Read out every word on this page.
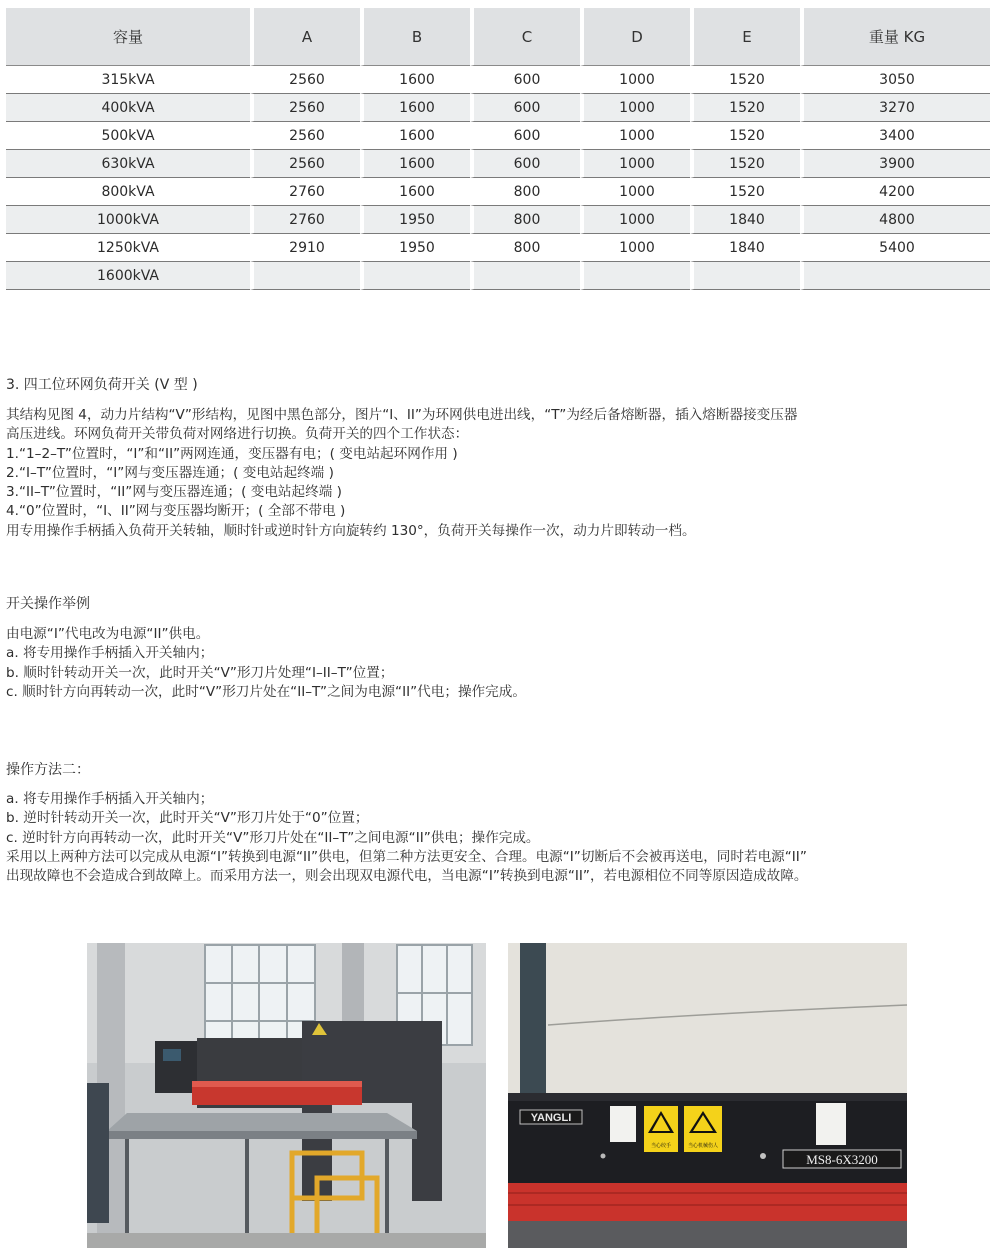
容量	A	B	C	D	E	重量 KG
315kVA	2560	1600	600	1000	1520	3050
400kVA	2560	1600	600	1000	1520	3270
500kVA	2560	1600	600	1000	1520	3400
630kVA	2560	1600	600	1000	1520	3900
800kVA	2760	1600	800	1000	1520	4200
1000kVA	2760	1950	800	1000	1840	4800
1250kVA	2910	1950	800	1000	1840	5400
1600kVA						
3. 四工位环网负荷开关 (V 型 )
其结构见图 4，动力片结构“V”形结构，见图中黑色部分，图片“I、II”为环网供电进出线，“T”为经后备熔断器，插入熔断器接变压器
高压进线。环网负荷开关带负荷对网络进行切换。负荷开关的四个工作状态：
1.“1–2–T”位置时，“I”和“II”两网连通，变压器有电；( 变电站起环网作用 )
2.“I–T”位置时，“I”网与变压器连通；( 变电站起终端 )
3.“II–T”位置时，“II”网与变压器连通；( 变电站起终端 )
4.“0”位置时，“I、II”网与变压器均断开；( 全部不带电 )
用专用操作手柄插入负荷开关转轴，顺时针或逆时针方向旋转约 130°，负荷开关每操作一次，动力片即转动一档。
开关操作举例
由电源“I”代电改为电源“II”供电。
a. 将专用操作手柄插入开关轴内；
b. 顺时针转动开关一次，此时开关“V”形刀片处理“I–II–T”位置；
c. 顺时针方向再转动一次，此时“V”形刀片处在“II–T”之间为电源“II”代电；操作完成。
操作方法二：
a. 将专用操作手柄插入开关轴内；
b. 逆时针转动开关一次，此时开关“V”形刀片处于“0”位置；
c. 逆时针方向再转动一次，此时开关“V”形刀片处在“II–T”之间电源“II”供电；操作完成。
采用以上两种方法可以完成从电源“I”转换到电源“II”供电，但第二种方法更安全、合理。电源“I”切断后不会被再送电，同时若电源“II”
出现故障也不会造成合到故障上。而采用方法一，则会出现双电源代电，当电源“I”转换到电源“II”，若电源相位不同等原因造成故障。
YANGLI
当心绞手	当心机械伤人
MS8-6X3200
